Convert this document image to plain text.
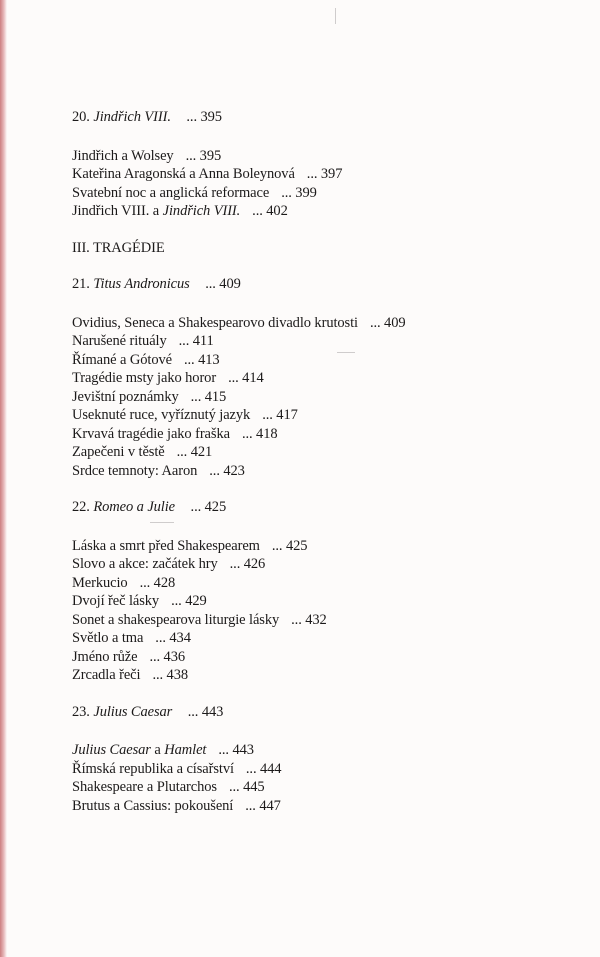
20. Jindřich VIII. ... 395
Jindřich a Wolsey ... 395
Kateřina Aragonská a Anna Boleynová ... 397
Svatební noc a anglická reformace ... 399
Jindřich VIII. a Jindřich VIII. ... 402
III. TRAGÉDIE
21. Titus Andronicus ... 409
Ovidius, Seneca a Shakespearovo divadlo krutosti ... 409
Narušené rituály ... 411
Římané a Gótové ... 413
Tragédie msty jako horor ... 414
Jevištní poznámky ... 415
Useknuté ruce, vyříznutý jazyk ... 417
Krvavá tragédie jako fraška ... 418
Zapečeni v těstě ... 421
Srdce temnoty: Aaron ... 423
22. Romeo a Julie ... 425
Láska a smrt před Shakespearem ... 425
Slovo a akce: začátek hry ... 426
Merkucio ... 428
Dvojí řeč lásky ... 429
Sonet a shakespearova liturgie lásky ... 432
Světlo a tma ... 434
Jméno růže ... 436
Zrcadla řeči ... 438
23. Julius Caesar ... 443
Julius Caesar a Hamlet ... 443
Římská republika a císařství ... 444
Shakespeare a Plutarchos ... 445
Brutus a Cassius: pokoušení ... 447
